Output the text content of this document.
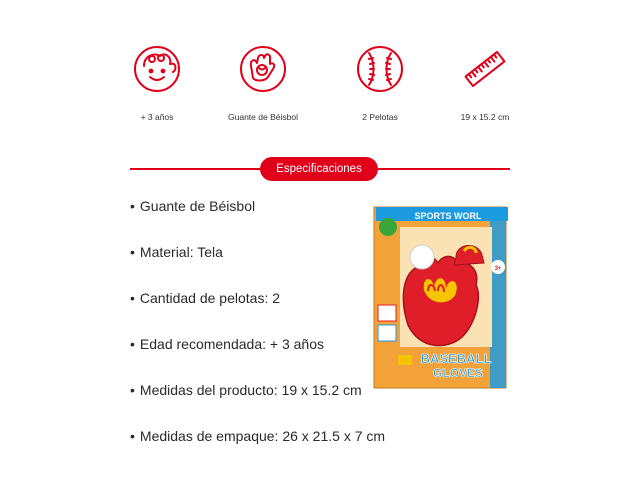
+ 3 años	Guante de Béisbol	2 Pelotas	19 x 15.2 cm
Especificaciones
• Guante de Béisbol
• Material: Tela
• Cantidad de pelotas: 2
• Edad recomendada: + 3 años
• Medidas del producto: 19 x 15.2 cm
• Medidas de empaque: 26 x 21.5 x 7 cm
SPORTS WORL
3+
BASEBALL
GLOVES
